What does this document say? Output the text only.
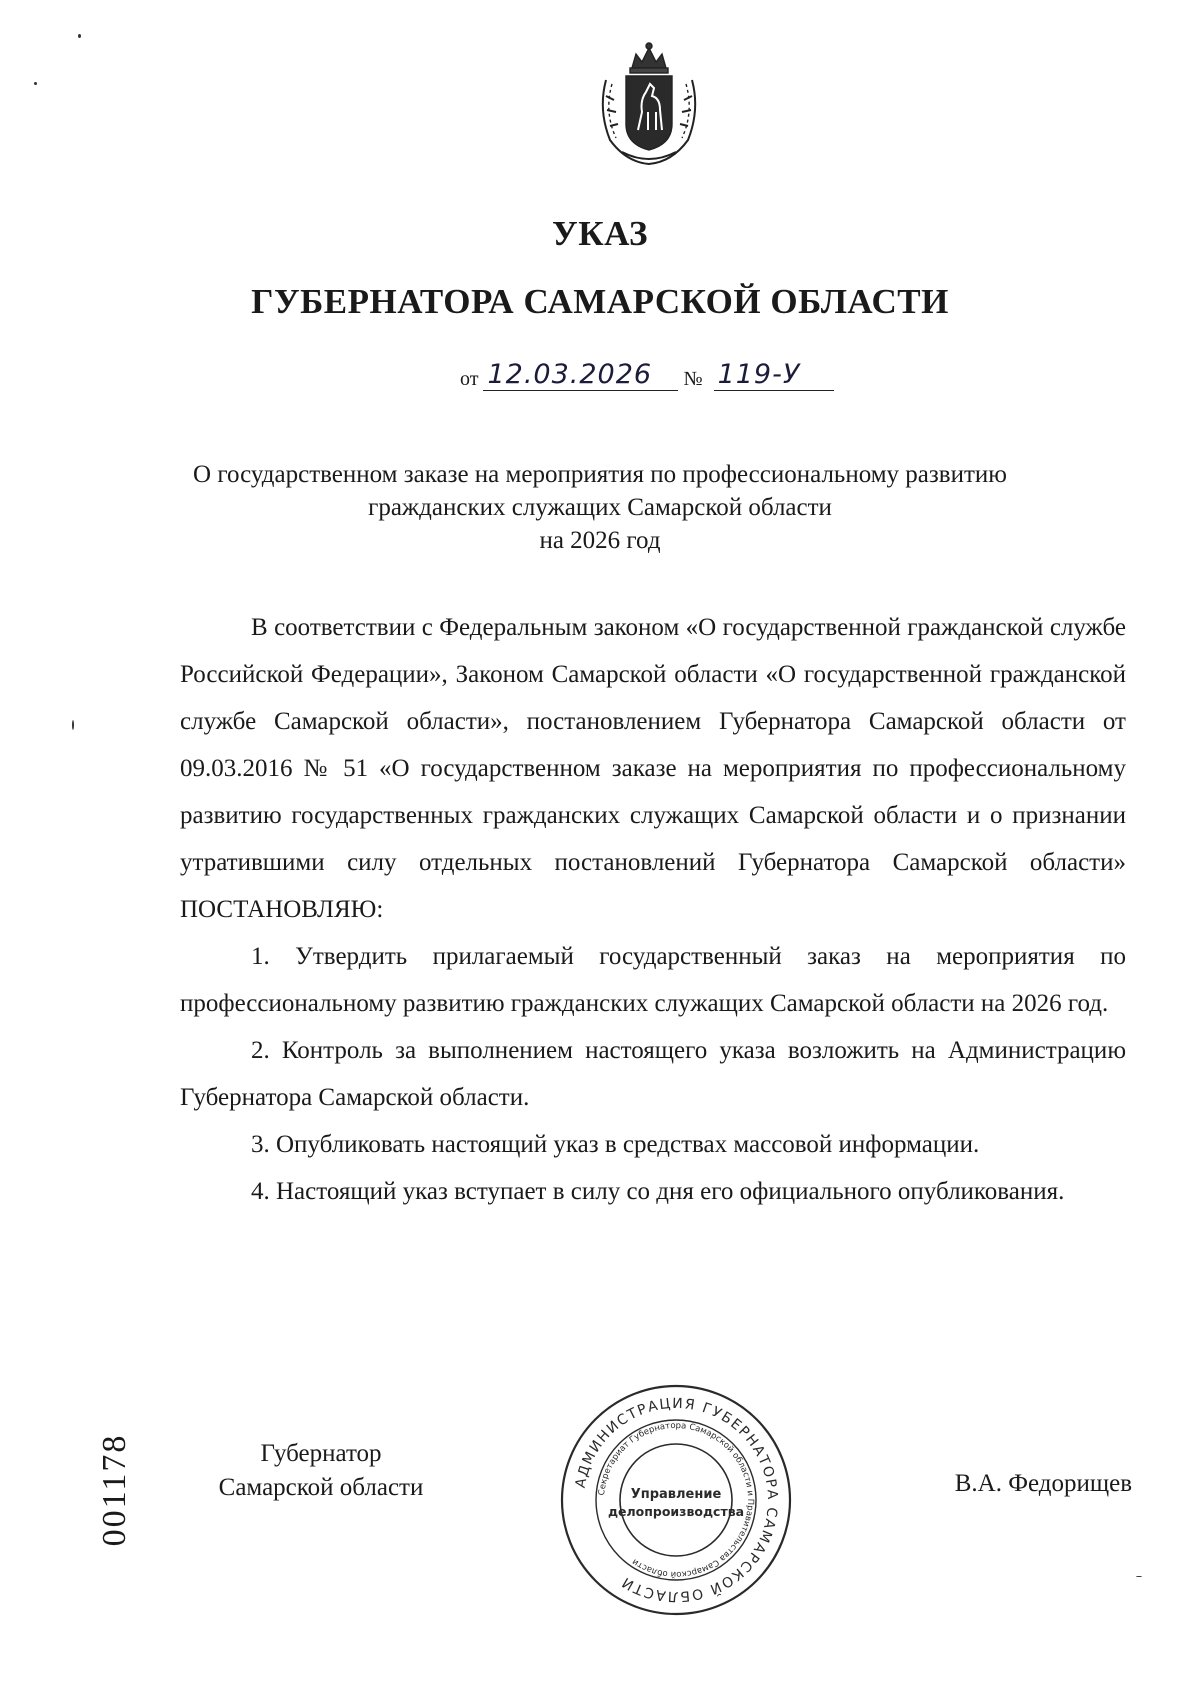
УКАЗ
ГУБЕРНАТОРА САМАРСКОЙ ОБЛАСТИ
от 12.03.2026 № 119-У
О государственном заказе на мероприятия по профессиональному развитию
гражданских служащих Самарской области
на 2026 год

В соответствии с Федеральным законом «О государственной гражданской службе Российской Федерации», Законом Самарской области «О государственной гражданской службе Самарской области», постановлением Губернатора Самарской области от 09.03.2016 № 51 «О государственном заказе на мероприятия по профессиональному развитию государственных гражданских служащих Самарской области и о признании утратившими силу отдельных постановлений Губернатора Самарской области» ПОСТАНОВЛЯЮ:

1. Утвердить прилагаемый государственный заказ на мероприятия по профессиональному развитию гражданских служащих Самарской области на 2026 год.

2. Контроль за выполнением настоящего указа возложить на Администрацию Губернатора Самарской области.

3. Опубликовать настоящий указ в средствах массовой информации.

4. Настоящий указ вступает в силу со дня его официального опубликования.

001178	Губернатор
Самарской области	АДМИНИСТРАЦИЯ ГУБЕРНАТОРА САМАРСКОЙ ОБЛАСТИ
Секретариат Губернатора Самарской области и Правительства Самарской области
Управление
делопроизводства
В.А. Федорищев
